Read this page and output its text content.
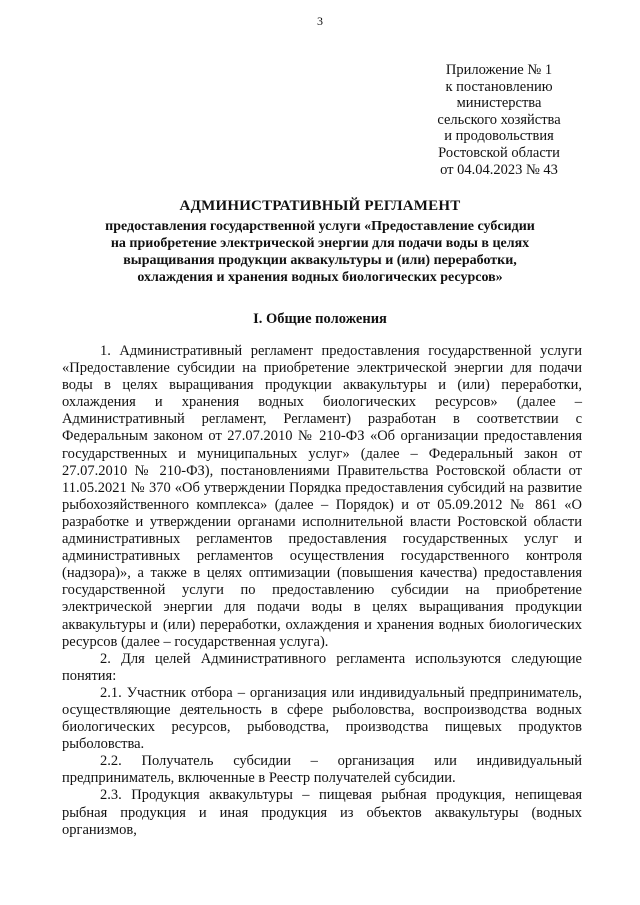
3
Приложение № 1
к постановлению
министерства
сельского хозяйства
и продовольствия
Ростовской области
от 04.04.2023 № 43
АДМИНИСТРАТИВНЫЙ РЕГЛАМЕНТ
предоставления государственной услуги «Предоставление субсидии
на приобретение электрической энергии для подачи воды в целях
выращивания продукции аквакультуры и (или) переработки,
охлаждения и хранения водных биологических ресурсов»
I. Общие положения

1. Административный регламент предоставления государственной услуги «Предоставление субсидии на приобретение электрической энергии для подачи воды в целях выращивания продукции аквакультуры и (или) переработки, охлаждения и хранения водных биологических ресурсов» (далее – Административный регламент, Регламент) разработан в соответствии с Федеральным законом от 27.07.2010 № 210-ФЗ «Об организации предоставления государственных и муниципальных услуг» (далее – Федеральный закон от 27.07.2010 № 210-ФЗ), постановлениями Правительства Ростовской области от 11.05.2021 № 370 «Об утверждении Порядка предоставления субсидий на развитие рыбохозяйственного комплекса» (далее – Порядок) и от 05.09.2012 № 861 «О разработке и утверждении органами исполнительной власти Ростовской области административных регламентов предоставления государственных услуг и административных регламентов осуществления государственного контроля (надзора)», а также в целях оптимизации (повышения качества) предоставления государственной услуги по предоставлению субсидии на приобретение электрической энергии для подачи воды в целях выращивания продукции аквакультуры и (или) переработки, охлаждения и хранения водных биологических ресурсов (далее – государственная услуга).

2. Для целей Административного регламента используются следующие понятия:

2.1. Участник отбора – организация или индивидуальный предприниматель, осуществляющие деятельность в сфере рыболовства, воспроизводства водных биологических ресурсов, рыбоводства, производства пищевых продуктов рыболовства.

2.2. Получатель субсидии – организация или индивидуальный предприниматель, включенные в Реестр получателей субсидии.

2.3. Продукция аквакультуры – пищевая рыбная продукция, непищевая рыбная продукция и иная продукция из объектов аквакультуры (водных организмов,
